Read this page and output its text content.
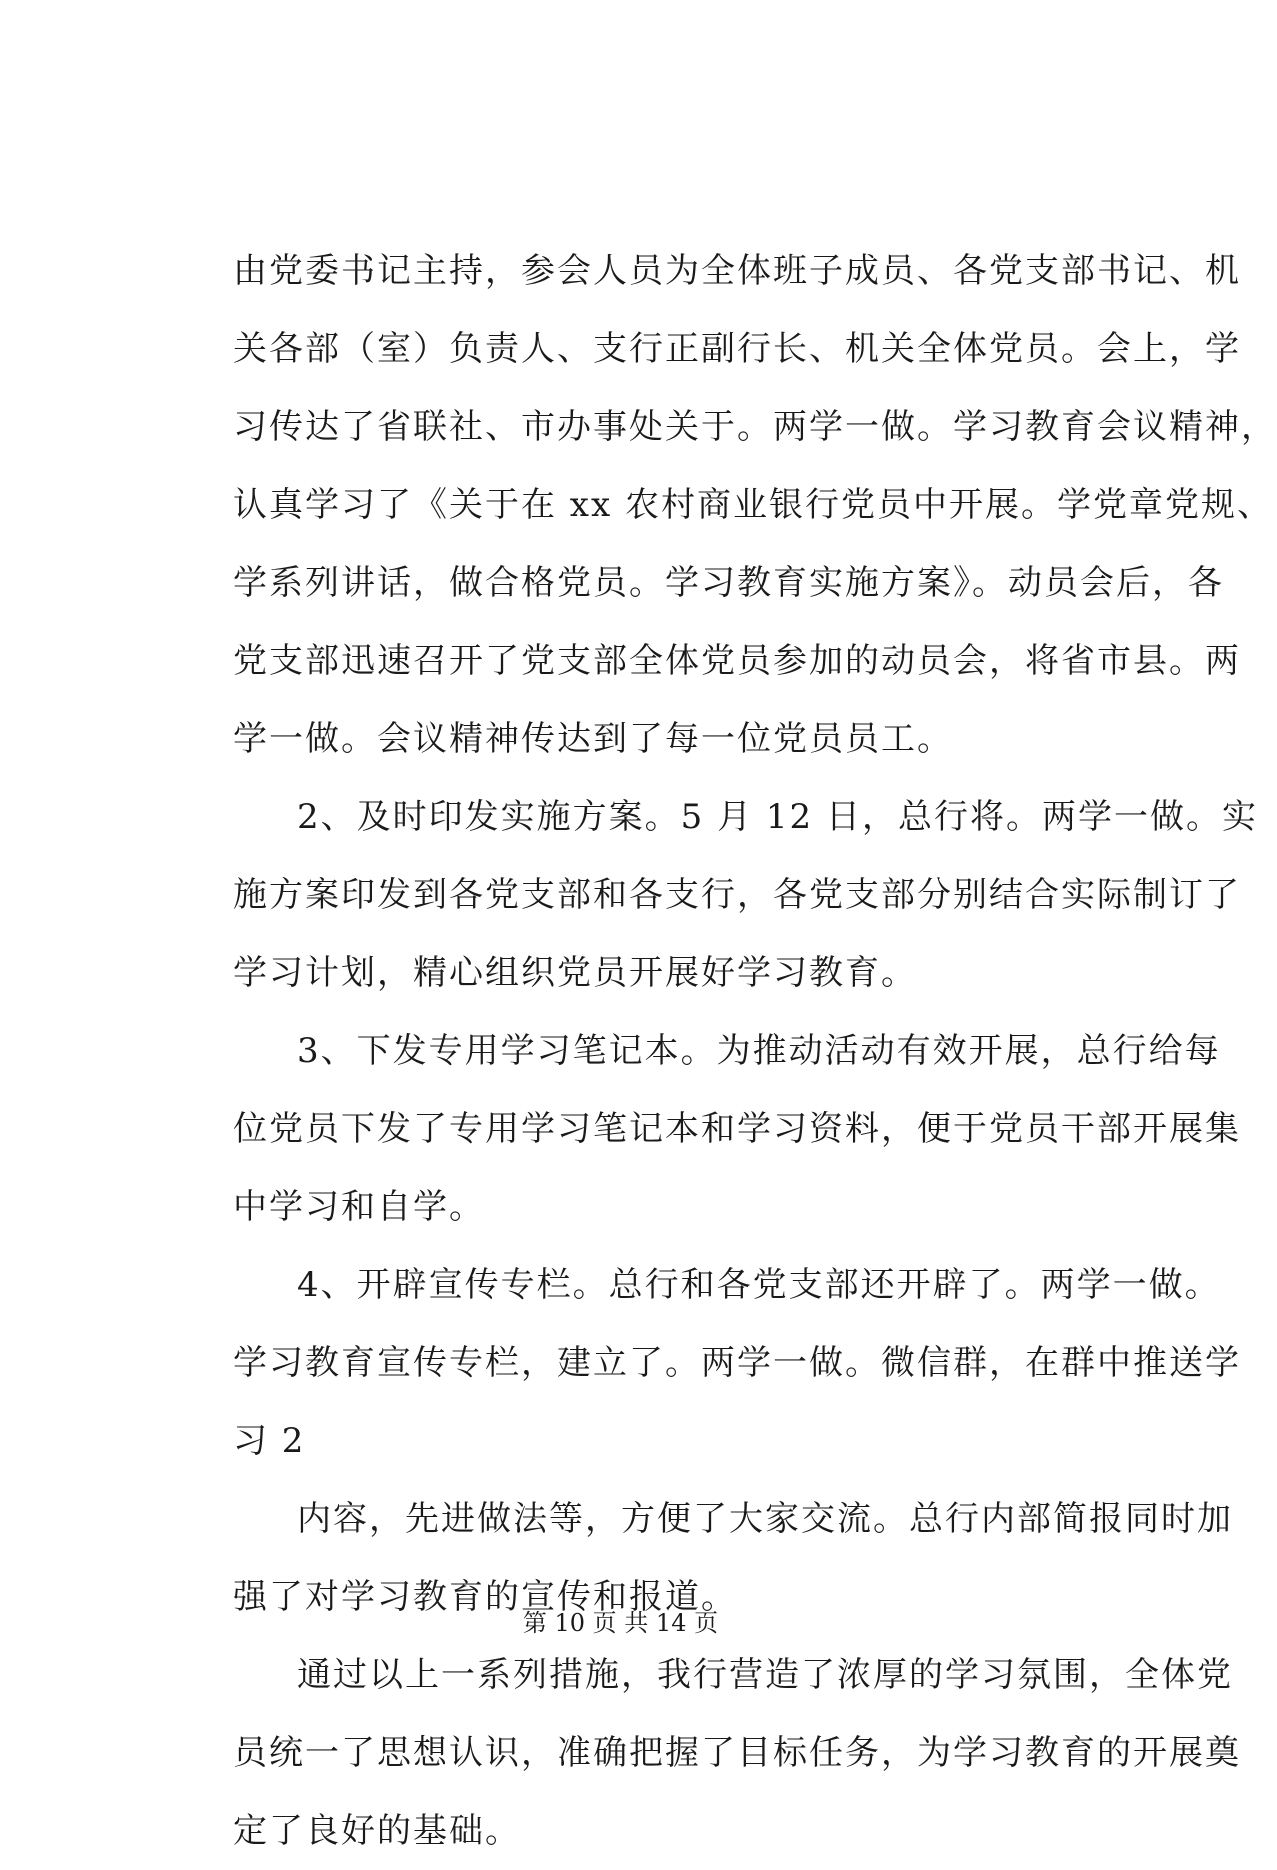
由党委书记主持，参会人员为全体班子成员、各党支部书记、机
关各部（室）负责人、支行正副行长、机关全体党员。会上，学
习传达了省联社、市办事处关于。两学一做。学习教育会议精神，
认真学习了《关于在 xx 农村商业银行党员中开展。学党章党规、
学系列讲话，做合格党员。学习教育实施方案》。动员会后，各
党支部迅速召开了党支部全体党员参加的动员会，将省市县。两
学一做。会议精神传达到了每一位党员员工。
2、及时印发实施方案。5 月 12 日，总行将。两学一做。实
施方案印发到各党支部和各支行，各党支部分别结合实际制订了
学习计划，精心组织党员开展好学习教育。
3、下发专用学习笔记本。为推动活动有效开展，总行给每
位党员下发了专用学习笔记本和学习资料，便于党员干部开展集
中学习和自学。
4、开辟宣传专栏。总行和各党支部还开辟了。两学一做。
学习教育宣传专栏，建立了。两学一做。微信群，在群中推送学
习 2
内容，先进做法等，方便了大家交流。总行内部简报同时加
强了对学习教育的宣传和报道。
通过以上一系列措施，我行营造了浓厚的学习氛围，全体党
员统一了思想认识，准确把握了目标任务，为学习教育的开展奠
定了良好的基础。
第 10 页 共 14 页
